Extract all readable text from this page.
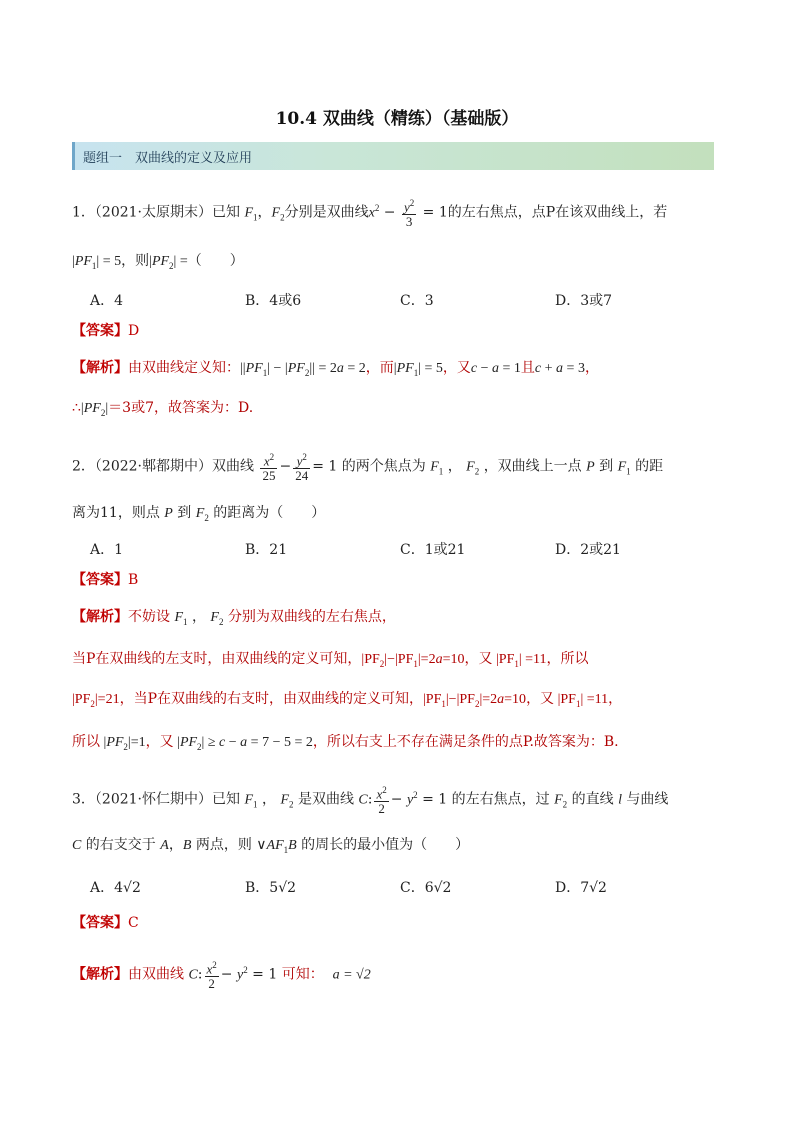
10.4 双曲线（精练）（基础版）
题组一　双曲线的定义及应用
1．（2021·太原期末）已知 $F_1$，$F_2$分别是双曲线$x^2 - \frac{y^2}{3} = 1$的左右焦点，点P在该双曲线上，若
$|PF_1| = 5$，则$|PF_2|$ =（　　）
A．4	B．4或6	C．3	D．3或7
【答案】D
【解析】由双曲线定义知：$||PF_1| - |PF_2|| = 2a = 2$，而$|PF_1| = 5$，又c − a = 1且c + a = 3，
$\therefore|PF_2|=3$或7，故答案为：D.
2．（2022·郫都期中）双曲线 $\frac{x^2}{25} - \frac{y^2}{24} = 1$ 的两个焦点为 $F_1$ ， $F_2$ ，双曲线上一点 P 到 $F_1$ 的距
离为11，则点 P 到 $F_2$ 的距离为（　　）
A．1	B．21	C．1或21	D．2或21
【答案】B
【解析】不妨设 $F_1$ ， $F_2$ 分别为双曲线的左右焦点，
当P在双曲线的左支时，由双曲线的定义可知，$|PF_2|-|PF_1|=2a=10$，又 $|PF_1| =11$，所以
$|PF_2|=21$，当P在双曲线的右支时，由双曲线的定义可知，$|PF_1|-|PF_2|=2a=10$，又 $|PF_1| =11$，
所以 $|PF_2|=1$，又 $|PF_2| \ge c - a = 7 - 5 = 2$，所以右支上不存在满足条件的点P.故答案为：B.
3．（2021·怀仁期中）已知 $F_1$ ， $F_2$ 是双曲线 C: $\frac{x^2}{2} - y^2 = 1$ 的左右焦点，过 $F_2$ 的直线 l 与曲线
C 的右支交于 A，B 两点，则 $\vee AF_1B$ 的周长的最小值为（　　）
A．4√2	B．5√2	C．6√2	D．7√2
【答案】C
【解析】由双曲线 C: $\frac{x^2}{2} - y^2 = 1$ 可知： a = √2
